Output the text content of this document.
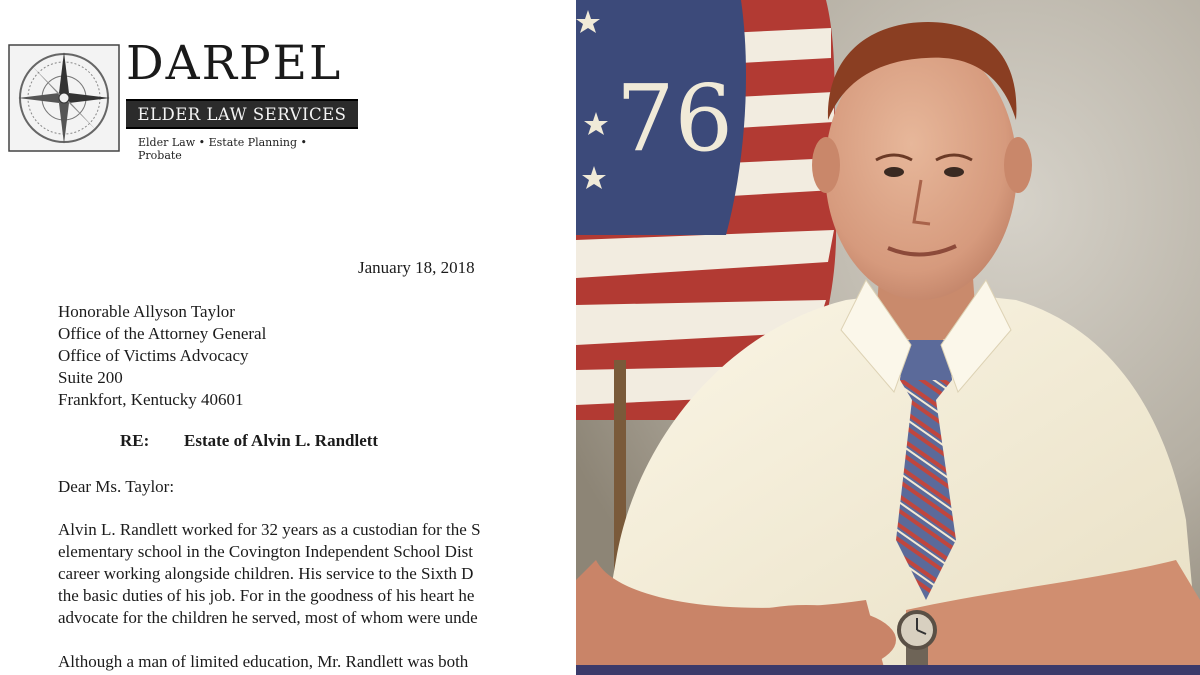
DARPEL
ELDER LAW SERVICES
Elder Law • Estate Planning • Probate
January 18, 2018
Honorable Allyson Taylor
Office of the Attorney General
Office of Victims Advocacy
Suite 200
Frankfort, Kentucky 40601
RE: Estate of Alvin L. Randlett
Dear Ms. Taylor:
Alvin L. Randlett worked for 32 years as a custodian for the S
elementary school in the Covington Independent School Dist
career working alongside children. His service to the Sixth D
the basic duties of his job. For in the goodness of his heart he
advocate for the children he served, most of whom were unde
Although a man of limited education, Mr. Randlett was both
76
